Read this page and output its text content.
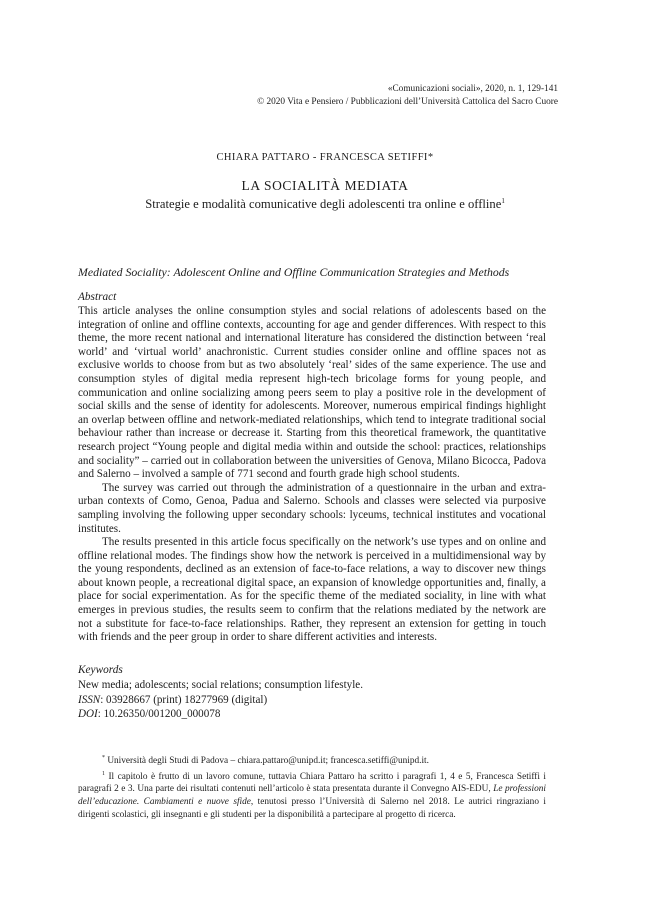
«Comunicazioni sociali», 2020, n. 1, 129-141
© 2020 Vita e Pensiero / Pubblicazioni dell’Università Cattolica del Sacro Cuore
CHIARA PATTARO - FRANCESCA SETIFFI*
LA SOCIALITÀ MEDIATA
Strategie e modalità comunicative degli adolescenti tra online e offline$^1$
Mediated Sociality: Adolescent Online and Offline Communication Strategies and Methods
Abstract

This article analyses the online consumption styles and social relations of adolescents based on the integration of online and offline contexts, accounting for age and gender differences. With respect to this theme, the more recent national and international literature has considered the distinction between ‘real world’ and ‘virtual world’ anachronistic. Current studies consider online and offline spaces not as exclusive worlds to choose from but as two absolutely ‘real’ sides of the same experience. The use and consumption styles of digital media represent high-tech bricolage forms for young people, and communication and online socializing among peers seem to play a positive role in the development of social skills and the sense of identity for adolescents. Moreover, numerous empirical findings highlight an overlap between offline and network-mediated relationships, which tend to integrate traditional social behaviour rather than increase or decrease it. Starting from this theoretical framework, the quantitative research project “Young people and digital media within and outside the school: practices, relationships and sociality” – carried out in collaboration between the universities of Genova, Milano Bicocca, Padova and Salerno – involved a sample of 771 second and fourth grade high school students.

The survey was carried out through the administration of a questionnaire in the urban and extra-urban contexts of Como, Genoa, Padua and Salerno. Schools and classes were selected via purposive sampling involving the following upper secondary schools: lyceums, technical institutes and vocational institutes.

The results presented in this article focus specifically on the network’s use types and on online and offline relational modes. The findings show how the network is perceived in a multidimensional way by the young respondents, declined as an extension of face-to-face relations, a way to discover new things about known people, a recreational digital space, an expansion of knowledge opportunities and, finally, a place for social experimentation. As for the specific theme of the mediated sociality, in line with what emerges in previous studies, the results seem to confirm that the relations mediated by the network are not a substitute for face-to-face relationships. Rather, they represent an extension for getting in touch with friends and the peer group in order to share different activities and interests.

Keywords
New media; adolescents; social relations; consumption lifestyle.
ISSN: 03928667 (print) 18277969 (digital)
DOI: 10.26350/001200_000078

* Università degli Studi di Padova – chiara.pattaro@unipd.it; francesca.setiffi@unipd.it.

$^1$ Il capitolo è frutto di un lavoro comune, tuttavia Chiara Pattaro ha scritto i paragrafi 1, 4 e 5, Francesca Setiffi i paragrafi 2 e 3. Una parte dei risultati contenuti nell’articolo è stata presentata durante il Convegno AIS-EDU, Le professioni dell’educazione. Cambiamenti e nuove sfide, tenutosi presso l’Università di Salerno nel 2018. Le autrici ringraziano i dirigenti scolastici, gli insegnanti e gli studenti per la disponibilità a partecipare al progetto di ricerca.
